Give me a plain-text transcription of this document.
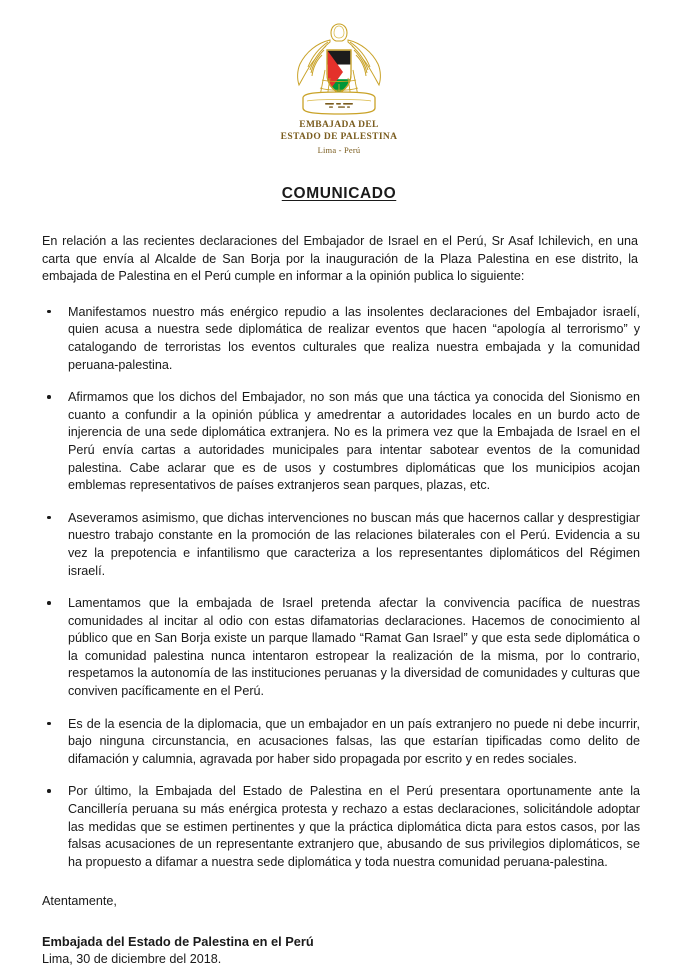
EMBAJADA DEL
ESTADO DE PALESTINA
Lima - Perú
COMUNICADO

En relación a las recientes declaraciones del Embajador de Israel en el Perú, Sr Asaf Ichilevich, en una carta que envía al Alcalde de San Borja por la inauguración de la Plaza Palestina en ese distrito, la embajada de Palestina en el Perú cumple en informar a la opinión publica lo siguiente:

Manifestamos nuestro más enérgico repudio a las insolentes declaraciones del Embajador israelí, quien acusa a nuestra sede diplomática de realizar eventos que hacen “apología al terrorismo” y catalogando de terroristas los eventos culturales que realiza nuestra embajada y la comunidad peruana-palestina.
Afirmamos que los dichos del Embajador, no son más que una táctica ya conocida del Sionismo en cuanto a confundir a la opinión pública y amedrentar a autoridades locales en un burdo acto de injerencia de una sede diplomática extranjera. No es la primera vez que la Embajada de Israel en el Perú envía cartas a autoridades municipales para intentar sabotear eventos de la comunidad palestina. Cabe aclarar que es de usos y costumbres diplomáticas que los municipios acojan emblemas representativos de países extranjeros sean parques, plazas, etc.
Aseveramos asimismo, que dichas intervenciones no buscan más que hacernos callar y desprestigiar nuestro trabajo constante en la promoción de las relaciones bilaterales con el Perú. Evidencia a su vez la prepotencia e infantilismo que caracteriza a los representantes diplomáticos del Régimen israelí.
Lamentamos que la embajada de Israel pretenda afectar la convivencia pacífica de nuestras comunidades al incitar al odio con estas difamatorias declaraciones. Hacemos de conocimiento al público que en San Borja existe un parque llamado “Ramat Gan Israel” y que esta sede diplomática o la comunidad palestina nunca intentaron estropear la realización de la misma, por lo contrario, respetamos la autonomía de las instituciones peruanas y la diversidad de comunidades y culturas que conviven pacíficamente en el Perú.
Es de la esencia de la diplomacia, que un embajador en un país extranjero no puede ni debe incurrir, bajo ninguna circunstancia, en acusaciones falsas, las que estarían tipificadas como delito de difamación y calumnia, agravada por haber sido propagada por escrito y en redes sociales.
Por último, la Embajada del Estado de Palestina en el Perú presentara oportunamente ante la Cancillería peruana su más enérgica protesta y rechazo a estas declaraciones, solicitándole adoptar las medidas que se estimen pertinentes y que la práctica diplomática dicta para estos casos, por las falsas acusaciones de un representante extranjero que, abusando de sus privilegios diplomáticos, se ha propuesto a difamar a nuestra sede diplomática y toda nuestra comunidad peruana-palestina.

Atentamente,

Embajada del Estado de Palestina en el Perú

Lima, 30 de diciembre del 2018.
